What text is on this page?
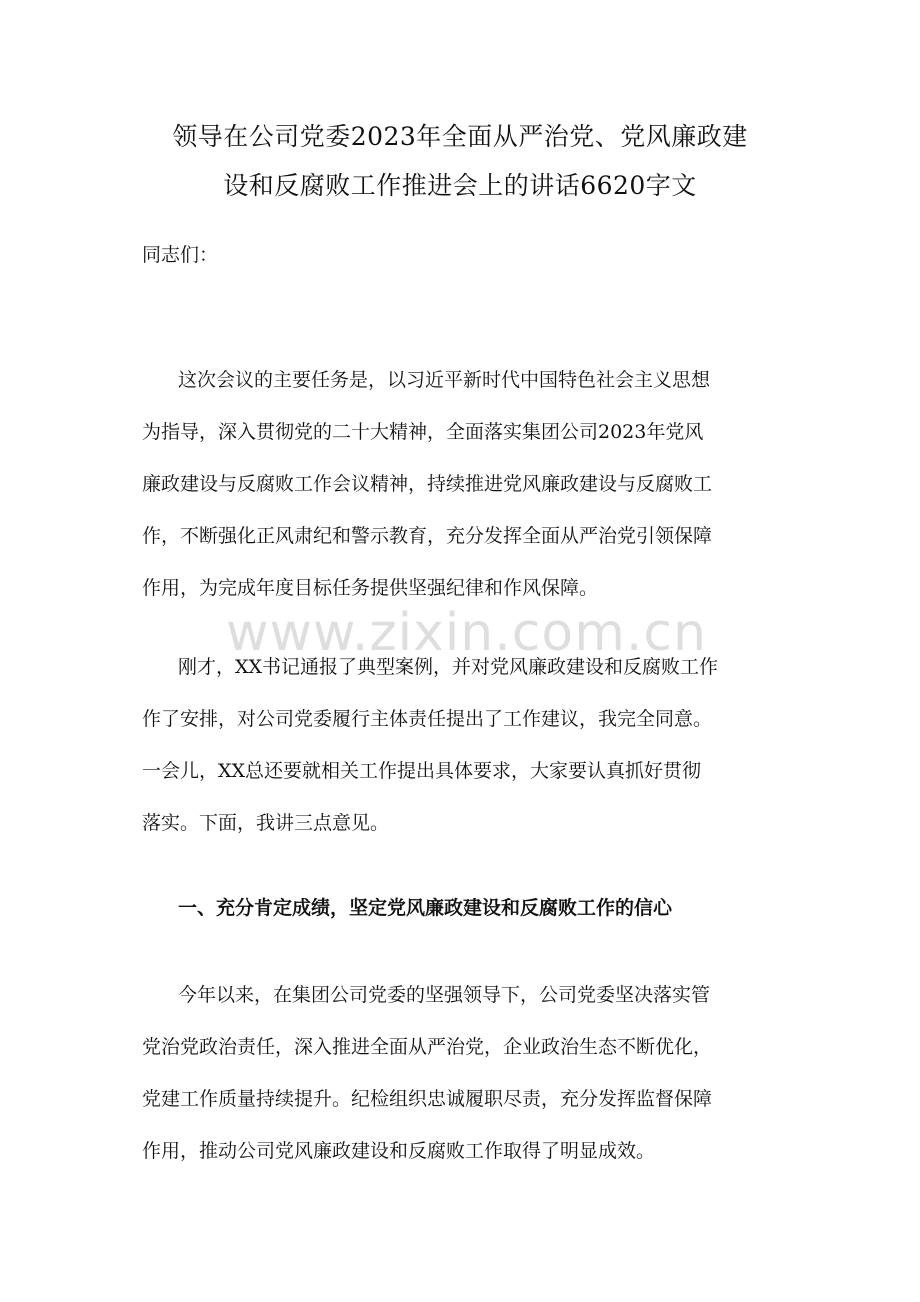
领导在公司党委2023年全面从严治党、党风廉政建
设和反腐败工作推进会上的讲话6620字文

同志们：

这次会议的主要任务是，以习近平新时代中国特色社会主义思想
为指导，深入贯彻党的二十大精神，全面落实集团公司2023年党风
廉政建设与反腐败工作会议精神，持续推进党风廉政建设与反腐败工
作，不断强化正风肃纪和警示教育，充分发挥全面从严治党引领保障
作用，为完成年度目标任务提供坚强纪律和作风保障。
www.zixin.com.cn
刚才，XX书记通报了典型案例，并对党风廉政建设和反腐败工作
作了安排，对公司党委履行主体责任提出了工作建议，我完全同意。
一会儿，XX总还要就相关工作提出具体要求，大家要认真抓好贯彻
落实。下面，我讲三点意见。
一、充分肯定成绩，坚定党风廉政建设和反腐败工作的信心
今年以来，在集团公司党委的坚强领导下，公司党委坚决落实管
党治党政治责任，深入推进全面从严治党，企业政治生态不断优化，
党建工作质量持续提升。纪检组织忠诚履职尽责，充分发挥监督保障
作用，推动公司党风廉政建设和反腐败工作取得了明显成效。
